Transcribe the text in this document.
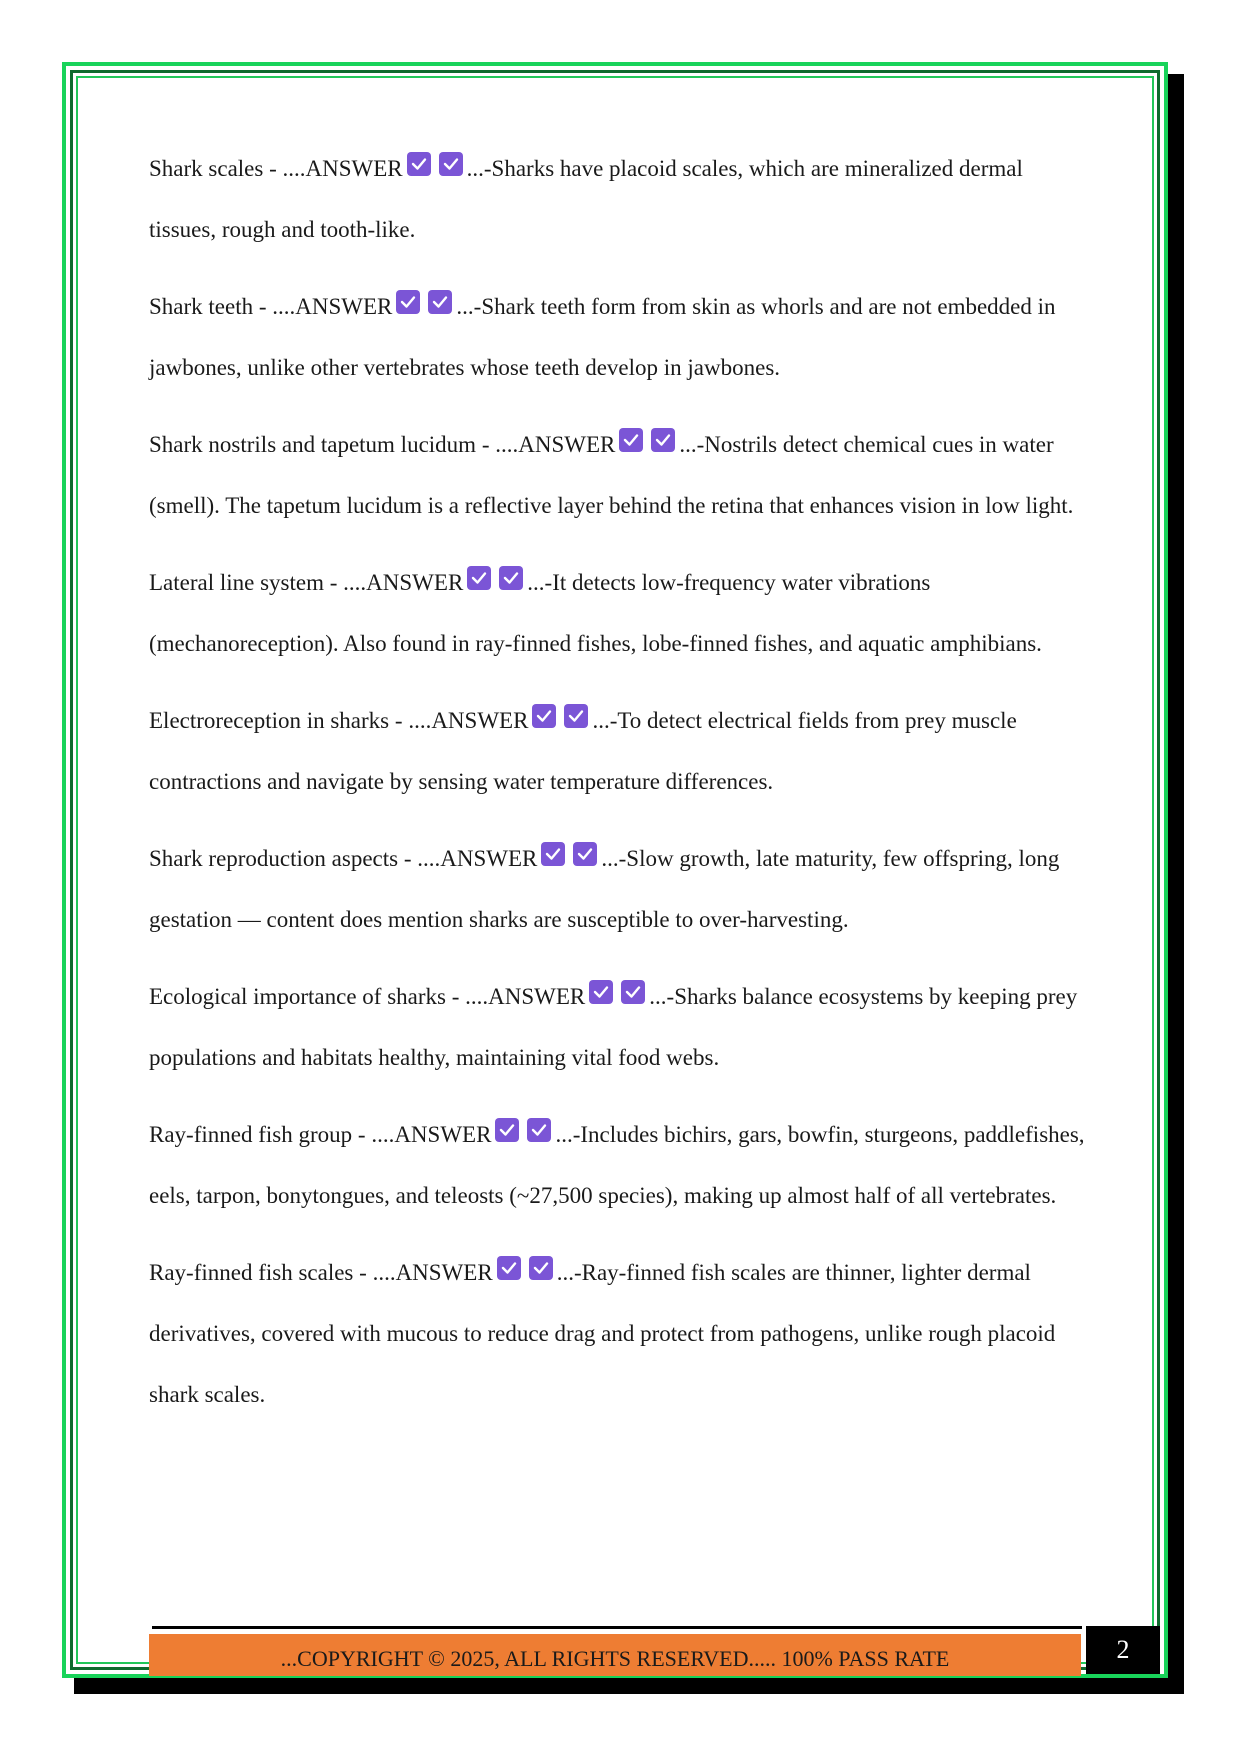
Shark scales - ....ANSWER	...-Sharks have placoid scales, which are mineralized dermal tissues, rough and tooth-like.
Shark teeth - ....ANSWER	...-Shark teeth form from skin as whorls and are not embedded in jawbones, unlike other vertebrates whose teeth develop in jawbones.
Shark nostrils and tapetum lucidum - ....ANSWER	...-Nostrils detect chemical cues in water (smell). The tapetum lucidum is a reflective layer behind the retina that enhances vision in low light.
Lateral line system - ....ANSWER	...-It detects low-frequency water vibrations (mechanoreception). Also found in ray-finned fishes, lobe-finned fishes, and aquatic amphibians.
Electroreception in sharks - ....ANSWER	...-To detect electrical fields from prey muscle contractions and navigate by sensing water temperature differences.
Shark reproduction aspects - ....ANSWER	...-Slow growth, late maturity, few offspring, long gestation — content does mention sharks are susceptible to over-harvesting.
Ecological importance of sharks - ....ANSWER	...-Sharks balance ecosystems by keeping prey populations and habitats healthy, maintaining vital food webs.
Ray-finned fish group - ....ANSWER	...-Includes bichirs, gars, bowfin, sturgeons, paddlefishes, eels, tarpon, bonytongues, and teleosts (~27,500 species), making up almost half of all vertebrates.
Ray-finned fish scales - ....ANSWER	...-Ray-finned fish scales are thinner, lighter dermal derivatives, covered with mucous to reduce drag and protect from pathogens, unlike rough placoid shark scales.
...COPYRIGHT © 2025, ALL RIGHTS RESERVED..... 100% PASS RATE	2
